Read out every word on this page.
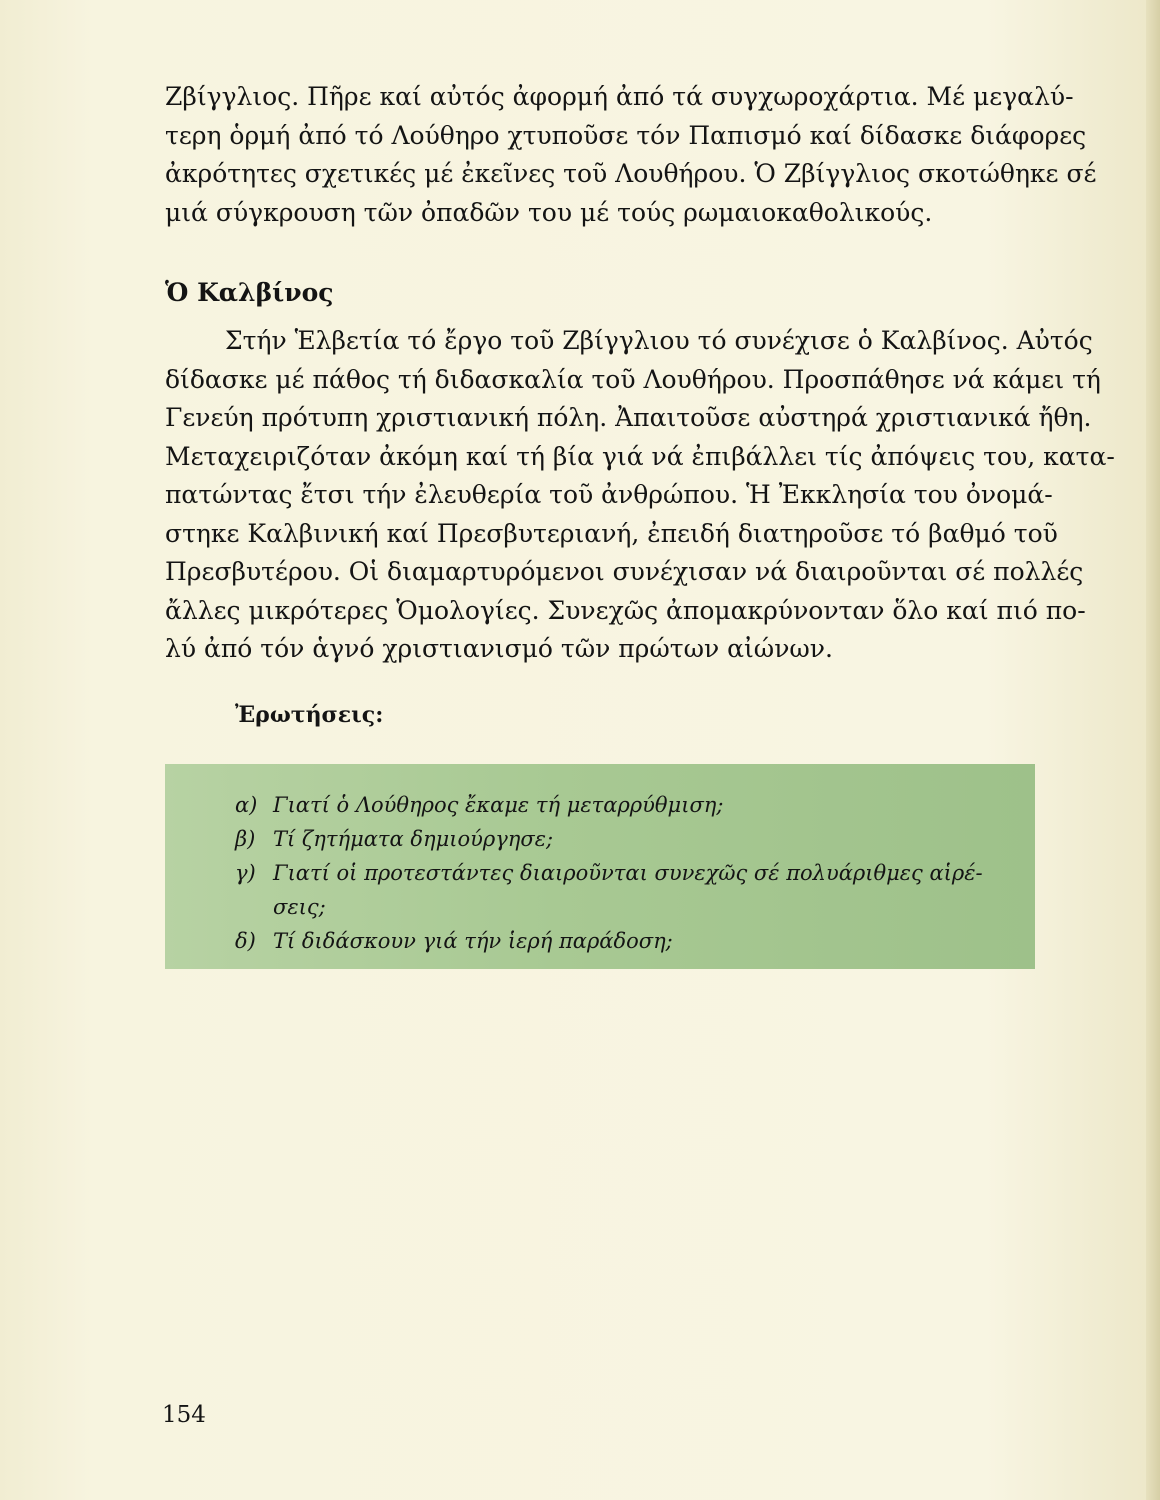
Ζβίγγλιος. Πῆρε καί αὐτός ἀφορμή ἀπό τά συγχωροχάρτια. Μέ μεγαλύ-
τερη ὁρμή ἀπό τό Λούθηρο χτυποῦσε τόν Παπισμό καί δίδασκε διάφορες
ἀκρότητες σχετικές μέ ἐκεῖνες τοῦ Λουθήρου. Ὁ Ζβίγγλιος σκοτώθηκε σέ
μιά σύγκρουση τῶν ὀπαδῶν του μέ τούς ρωμαιοκαθολικούς.

Ὁ Καλβίνος

Στήν Ἑλβετία τό ἔργο τοῦ Ζβίγγλιου τό συνέχισε ὁ Καλβίνος. Αὐτός
δίδασκε μέ πάθος τή διδασκαλία τοῦ Λουθήρου. Προσπάθησε νά κάμει τή
Γενεύη πρότυπη χριστιανική πόλη. Ἀπαιτοῦσε αὐστηρά χριστιανικά ἤθη.
Μεταχειριζόταν ἀκόμη καί τή βία γιά νά ἐπιβάλλει τίς ἀπόψεις του, κατα-
πατώντας ἔτσι τήν ἐλευθερία τοῦ ἀνθρώπου. Ἡ Ἐκκλησία του ὀνομά-
στηκε Καλβινική καί Πρεσβυτεριανή, ἐπειδή διατηροῦσε τό βαθμό τοῦ
Πρεσβυτέρου. Οἱ διαμαρτυρόμενοι συνέχισαν νά διαιροῦνται σέ πολλές
ἄλλες μικρότερες Ὁμολογίες. Συνεχῶς ἀπομακρύνονταν ὅλο καί πιό πο-
λύ ἀπό τόν ἁγνό χριστιανισμό τῶν πρώτων αἰώνων.

Ἐρωτήσεις:

α) Γιατί ὁ Λούθηρος ἔκαμε τή μεταρρύθμιση;
β) Τί ζητήματα δημιούργησε;
γ) Γιατί οἱ προτεστάντες διαιροῦνται συνεχῶς σέ πολυάριθμες αἱρέ-
σεις;
δ) Τί διδάσκουν γιά τήν ἱερή παράδοση;

154
